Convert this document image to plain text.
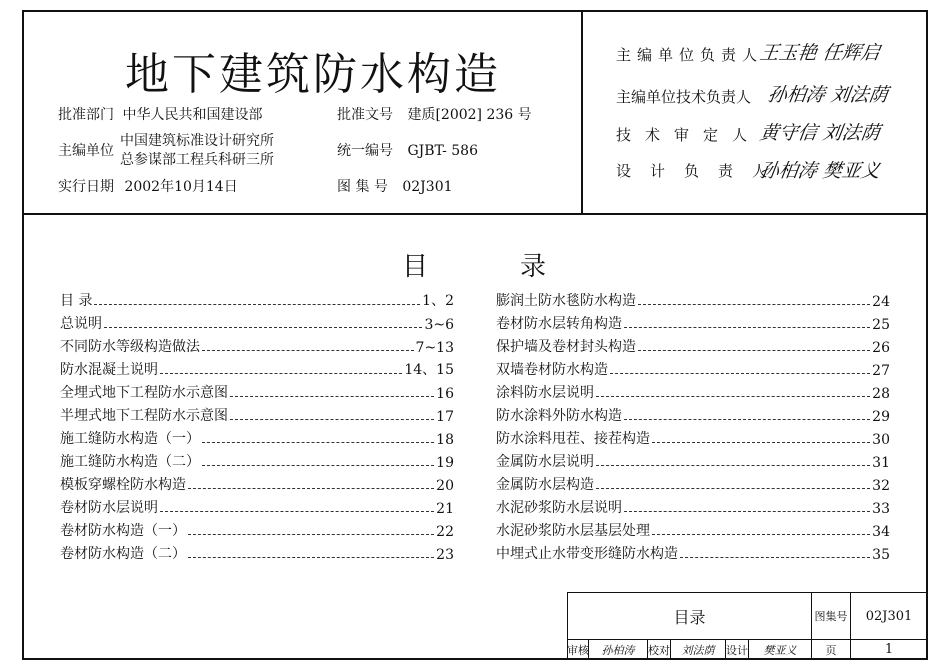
地下建筑防水构造
批准部门 中华人民共和国建设部
主编单位
中国建筑标准设计研究所
总参谋部工程兵科研三所
实行日期 2002年10月14日
批准文号 建质[2002] 236 号
统一编号 GJBT- 586
图 集 号 02J301
主编单位负责人
王玉艳 任辉启
主编单位技术负责人 孙柏涛 刘法荫
技术审定人
黄守信 刘法荫
设计负责人
孙柏涛 樊亚义
目	录
目 录	1、2
总说明	3~6
不同防水等级构造做法	7~13
防水混凝土说明	14、15
全埋式地下工程防水示意图	16
半埋式地下工程防水示意图	17
施工缝防水构造（一）	18
施工缝防水构造（二）	19
模板穿螺栓防水构造	20
卷材防水层说明	21
卷材防水构造（一）	22
卷材防水构造（二）	23
膨润土防水毯防水构造	24
卷材防水层转角构造	25
保护墙及卷材封头构造	26
双墙卷材防水构造	27
涂料防水层说明	28
防水涂料外防水构造	29
防水涂料甩茬、接茬构造	30
金属防水层说明	31
金属防水层构造	32
水泥砂浆防水层说明	33
水泥砂浆防水层基层处理	34
中埋式止水带变形缝防水构造	35
目录	图集号	02J301
审核	孙柏涛	校对	刘法荫	设计	樊亚义	页	1
